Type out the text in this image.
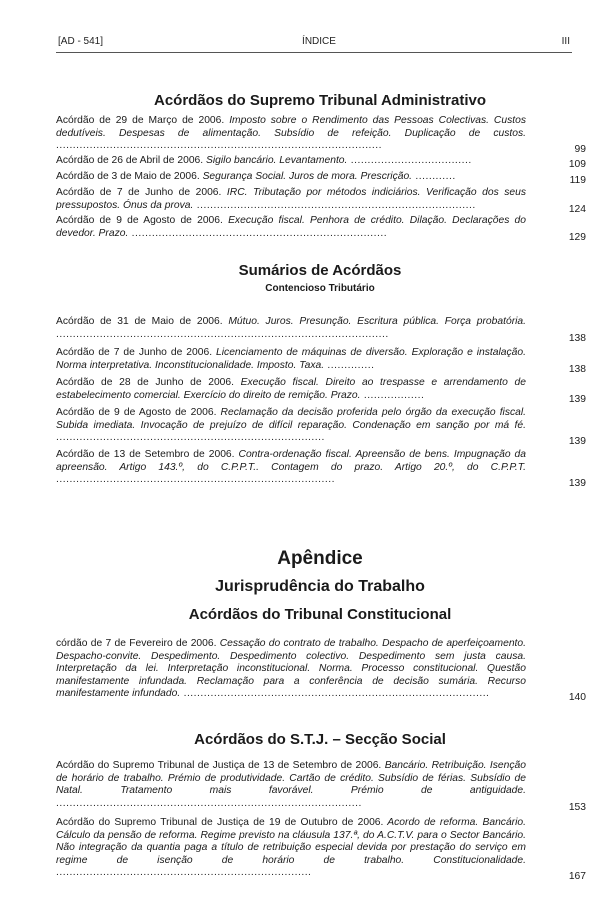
[AD - 541]	ÍNDICE	III
Acórdãos do Supremo Tribunal Administrativo
Acórdão de 29 de Março de 2006. Imposto sobre o Rendimento das Pessoas Colectivas. Custos dedutíveis. Despesas de alimentação. Subsídio de refeição. Duplicação de custos. .................................................................................................	99
Acórdão de 26 de Abril de 2006. Sigilo bancário. Levantamento. ....................................	109
Acórdão de 3 de Maio de 2006. Segurança Social. Juros de mora. Prescrição. ............	119
Acórdão de 7 de Junho de 2006. IRC. Tributação por métodos indiciários. Verificação dos seus pressupostos. Ónus da prova. ...................................................................................	124
Acórdão de 9 de Agosto de 2006. Execução fiscal. Penhora de crédito. Dilação. Declarações do devedor. Prazo. ............................................................................	129
Sumários de Acórdãos
Contencioso Tributário
Acórdão de 31 de Maio de 2006. Mútuo. Juros. Presunção. Escritura pública. Força probatória. ...................................................................................................	138
Acórdão de 7 de Junho de 2006. Licenciamento de máquinas de diversão. Exploração e instalação. Norma interpretativa. Inconstitucionalidade. Imposto. Taxa. ..............	138
Acórdão de 28 de Junho de 2006. Execução fiscal. Direito ao trespasse e arrendamento de estabelecimento comercial. Exercício do direito de remição. Prazo. ..................	139
Acórdão de 9 de Agosto de 2006. Reclamação da decisão proferida pelo órgão da execução fiscal. Subida imediata. Invocação de prejuízo de difícil reparação. Condenação em sanção por má fé. ................................................................................	139
Acórdão de 13 de Setembro de 2006. Contra-ordenação fiscal. Apreensão de bens. Impugnação da apreensão. Artigo 143.º, do C.P.P.T.. Contagem do prazo. Artigo 20.º, do C.P.P.T. ...................................................................................	139
Apêndice
Jurisprudência do Trabalho
Acórdãos do Tribunal Constitucional
córdão de 7 de Fevereiro de 2006. Cessação do contrato de trabalho. Despacho de aperfeiçoamento. Despacho-convite. Despedimento. Despedimento colectivo. Despedimento sem justa causa. Interpretação da lei. Interpretação inconstitucional. Norma. Processo constitucional. Questão manifestamente infundada. Reclamação para a conferência de decisão sumária. Recurso manifestamente infundado. ...........................................................................................	140
Acórdãos do S.T.J. – Secção Social
Acórdão do Supremo Tribunal de Justiça de 13 de Setembro de 2006. Bancário. Retribuição. Isenção de horário de trabalho. Prémio de produtividade. Cartão de crédito. Subsídio de férias. Subsídio de Natal. Tratamento mais favorável. Prémio de antiguidade. ...........................................................................................	153
Acórdão do Supremo Tribunal de Justiça de 19 de Outubro de 2006. Acordo de reforma. Bancário. Cálculo da pensão de reforma. Regime previsto na cláusula 137.ª, do A.C.T.V. para o Sector Bancário. Não integração da quantia paga a título de retribuição especial devida por prestação do serviço em regime de isenção de horário de trabalho. Constitucionalidade. ............................................................................	167
